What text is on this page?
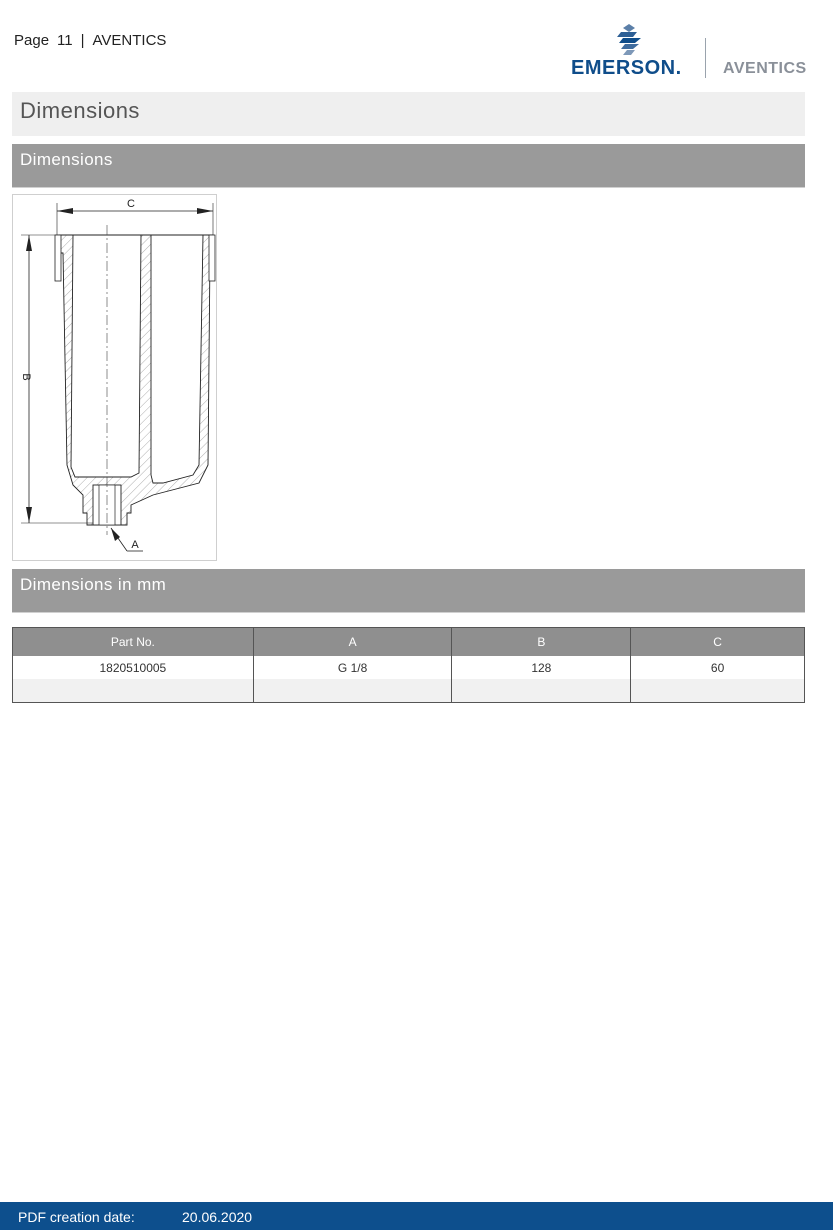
Page 11 | AVENTICS
EMERSON.	AVENTICS
Dimensions
Dimensions
C
B
A
Dimensions in mm
Part No.	A	B	C
1820510005	G 1/8	128	60

PDF creation date:	20.06.2020
